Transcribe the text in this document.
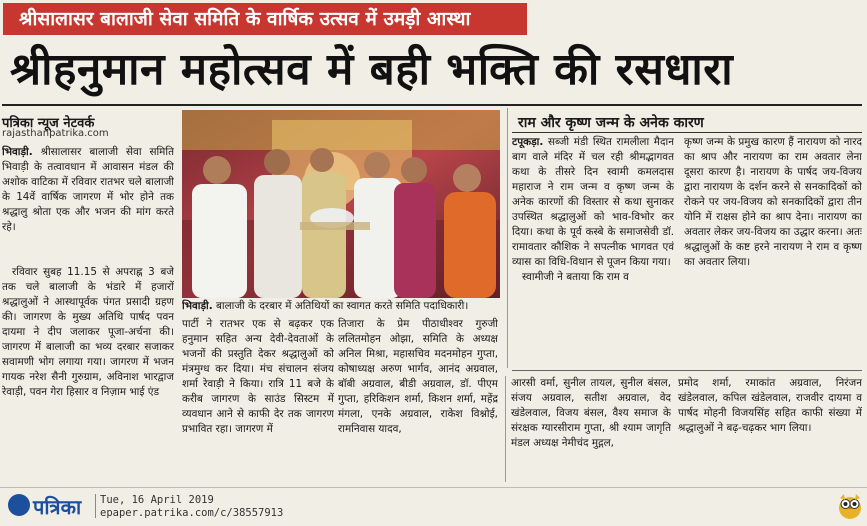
श्रीसालासर बालाजी सेवा समिति के वार्षिक उत्सव में उमड़ी आस्था
श्रीहनुमान महोत्सव में बही भक्ति की रसधारा
पत्रिका न्यूज नेटवर्क
rajasthanpatrika.com

भिवाड़ी. श्रीसालासर बालाजी सेवा समिति भिवाड़ी के तत्वावधान में आवासन मंडल की अशोक वाटिका में रविवार रातभर चले बालाजी के 14वें वार्षिक जागरण में भोर होने तक श्रद्धालु श्रोता एक और भजन की मांग करते रहे।

रविवार सुबह 11.15 से अपराह्न 3 बजे तक चले बालाजी के भंडारे में हजारों श्रद्धालुओं ने आस्थापूर्वक पंगत प्रसादी ग्रहण की। जागरण के मुख्य अतिथि पार्षद पवन दायमा ने दीप जलाकर पूजा-अर्चना की। जागरण में बालाजी का भव्य दरबार सजाकर सवामणी भोग लगाया गया। जागरण में भजन गायक नरेश सैनी गुरुग्राम, अविनाश भारद्वाज रेवाड़ी, पवन गेरा हिसार व निज़ाम भाई एंड
भिवाड़ी. बालाजी के दरबार में अतिथियों का स्वागत करते समिति पदाधिकारी।
पार्टी ने रातभर एक से बढ़कर एक हनुमान सहित अन्य देवी-देवताओं के भजनों की प्रस्तुति देकर श्रद्धालुओं को मंत्रमुग्ध कर दिया। मंच संचालन संजय शर्मा रेवाड़ी ने किया। रात्रि 11 बजे के करीब जागरण के साउंड सिस्टम में व्यवधान आने से काफी देर तक जागरण प्रभावित रहा। जागरण में
तिजारा के प्रेम पीठाधीश्वर गुरुजी ललितमोहन ओझा, समिति के अध्यक्ष अनिल मिश्रा, महासचिव मदनमोहन गुप्ता, कोषाध्यक्ष अरुण भार्गव, आनंद अग्रवाल, बॉबी अग्रवाल, बीडी अग्रवाल, डॉ. पीएम गुप्ता, हरिकिशन शर्मा, किशन शर्मा, महेंद्र मंगला, एनके अग्रवाल, राकेश विश्नोई, रामनिवास यादव,
आरसी वर्मा, सुनील तायल, सुनील बंसल, संजय अग्रवाल, सतीश अग्रवाल, वेद खंडेलवाल, विजय बंसल, वैश्य समाज के संरक्षक ग्यारसीराम गुप्ता, श्री श्याम जागृति मंडल अध्यक्ष नेमीचंद मुद्गल,
प्रमोद शर्मा, रमाकांत अग्रवाल, निरंजन खंडेलवाल, कपिल खंडेलवाल, राजवीर दायमा व पार्षद मोहनी विजयसिंह सहित काफी संख्या में श्रद्धालुओं ने बढ़-चढ़कर भाग लिया।
राम और कृष्ण जन्म के अनेक कारण

टपूकड़ा. सब्जी मंडी स्थित रामलीला मैदान बाग वाले मंदिर में चल रही श्रीमद्भागवत कथा के तीसरे दिन स्वामी कमलदास महाराज ने राम जन्म व कृष्ण जन्म के अनेक कारणों की विस्तार से कथा सुनाकर उपस्थित श्रद्धालुओं को भाव-विभोर कर दिया। कथा के पूर्व कस्बे के समाजसेवी डॉ. रामावतार कौशिक ने सपत्नीक भागवत एवं व्यास का विधि-विधान से पूजन किया गया।

स्वामीजी ने बताया कि राम व

कृष्ण जन्म के प्रमुख कारण हैं नारायण को नारद का श्राप और नारायण का राम अवतार लेना दूसरा कारण है। नारायण के पार्षद जय-विजय द्वारा नारायण के दर्शन करने से सनकादिकों को रोकने पर जय-विजय को सनकादिकों द्वारा तीन योनि में राक्षस होने का श्राप देना। नारायण का अवतार लेकर जय-विजय का उद्धार करना। अतः श्रद्धालुओं के कष्ट हरने नारायण ने राम व कृष्ण का अवतार लिया।
पत्रिका Tue, 16 April 2019
epaper.patrika.com/c/38557913
